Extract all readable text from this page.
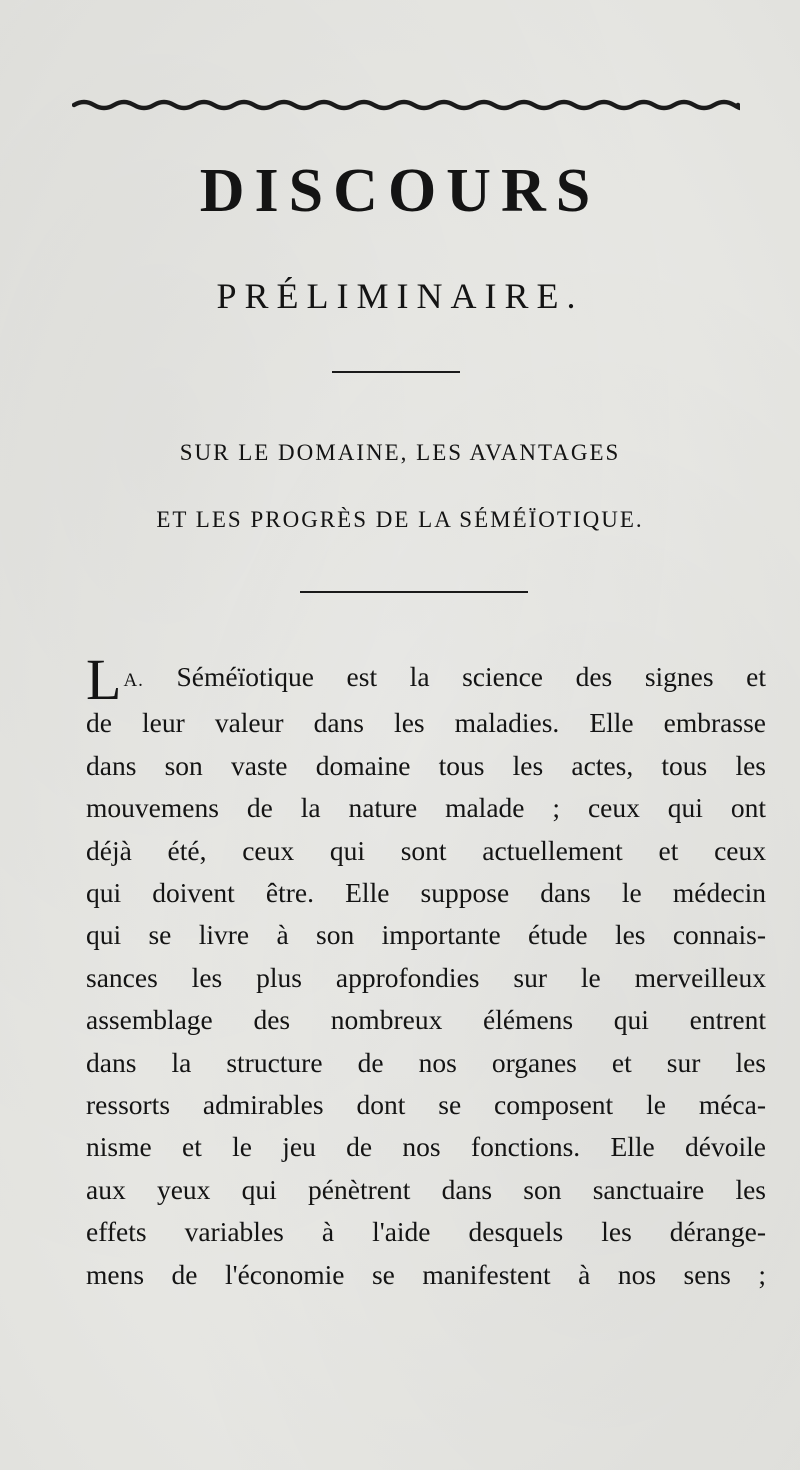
DISCOURS
PRÉLIMINAIRE.

SUR LE DOMAINE, LES AVANTAGES

ET LES PROGRÈS DE LA SÉMÉÏOTIQUE.

L A. Séméïotique est la science des signes et
de leur valeur dans les maladies. Elle embrasse
dans son vaste domaine tous les actes, tous les
mouvemens de la nature malade ; ceux qui ont
déjà été, ceux qui sont actuellement et ceux
qui doivent être. Elle suppose dans le médecin
qui se livre à son importante étude les connais-
sances les plus approfondies sur le merveilleux
assemblage des nombreux élémens qui entrent
dans la structure de nos organes et sur les
ressorts admirables dont se composent le méca-
nisme et le jeu de nos fonctions. Elle dévoile
aux yeux qui pénètrent dans son sanctuaire les
effets variables à l'aide desquels les dérange-
mens de l'économie se manifestent à nos sens ;
